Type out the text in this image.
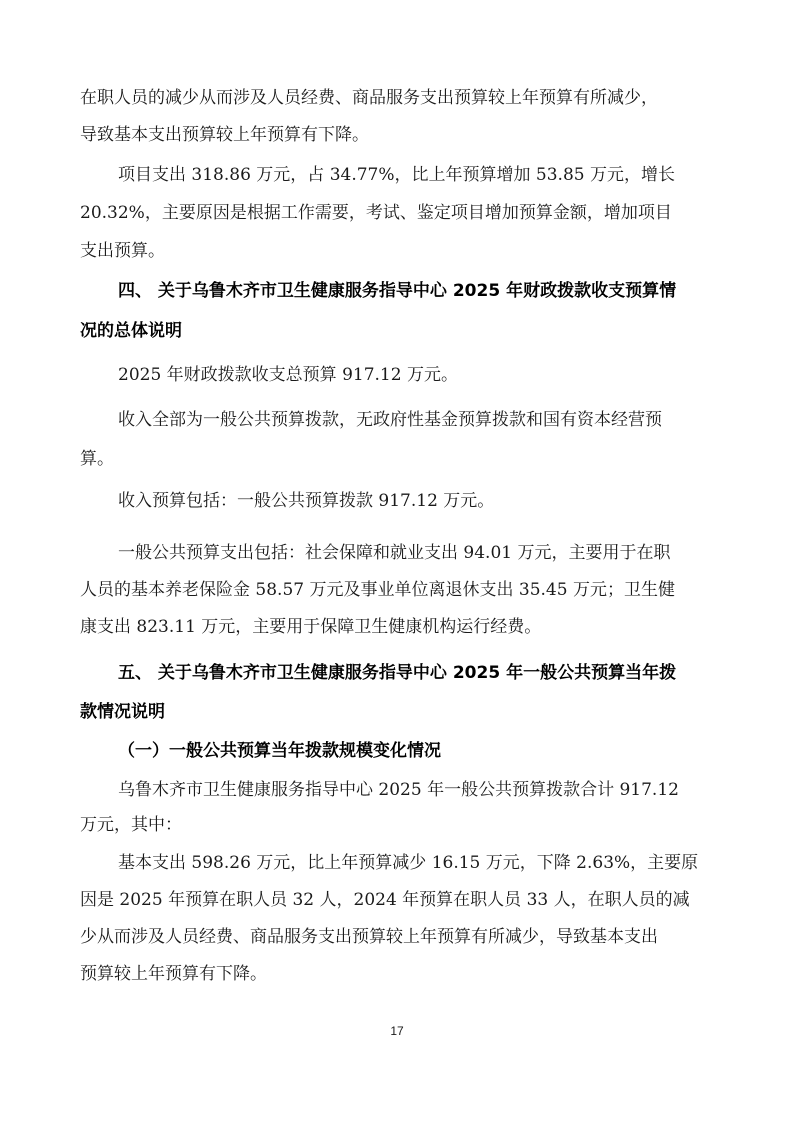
在职人员的减少从而涉及人员经费、商品服务支出预算较上年预算有所减少，
导致基本支出预算较上年预算有下降。
项目支出 318.86 万元，占 34.77%，比上年预算增加 53.85 万元，增长
20.32%，主要原因是根据工作需要，考试、鉴定项目增加预算金额，增加项目
支出预算。
四、 关于乌鲁木齐市卫生健康服务指导中心 2025 年财政拨款收支预算情
况的总体说明
2025 年财政拨款收支总预算 917.12 万元。
收入全部为一般公共预算拨款，无政府性基金预算拨款和国有资本经营预
算。
收入预算包括：一般公共预算拨款 917.12 万元。
一般公共预算支出包括：社会保障和就业支出 94.01 万元，主要用于在职
人员的基本养老保险金 58.57 万元及事业单位离退休支出 35.45 万元；卫生健
康支出 823.11 万元，主要用于保障卫生健康机构运行经费。
五、 关于乌鲁木齐市卫生健康服务指导中心 2025 年一般公共预算当年拨
款情况说明
（一）一般公共预算当年拨款规模变化情况
乌鲁木齐市卫生健康服务指导中心 2025 年一般公共预算拨款合计 917.12
万元，其中：
基本支出 598.26 万元，比上年预算减少 16.15 万元，下降 2.63%，主要原
因是 2025 年预算在职人员 32 人，2024 年预算在职人员 33 人，在职人员的减
少从而涉及人员经费、商品服务支出预算较上年预算有所减少，导致基本支出
预算较上年预算有下降。
17
